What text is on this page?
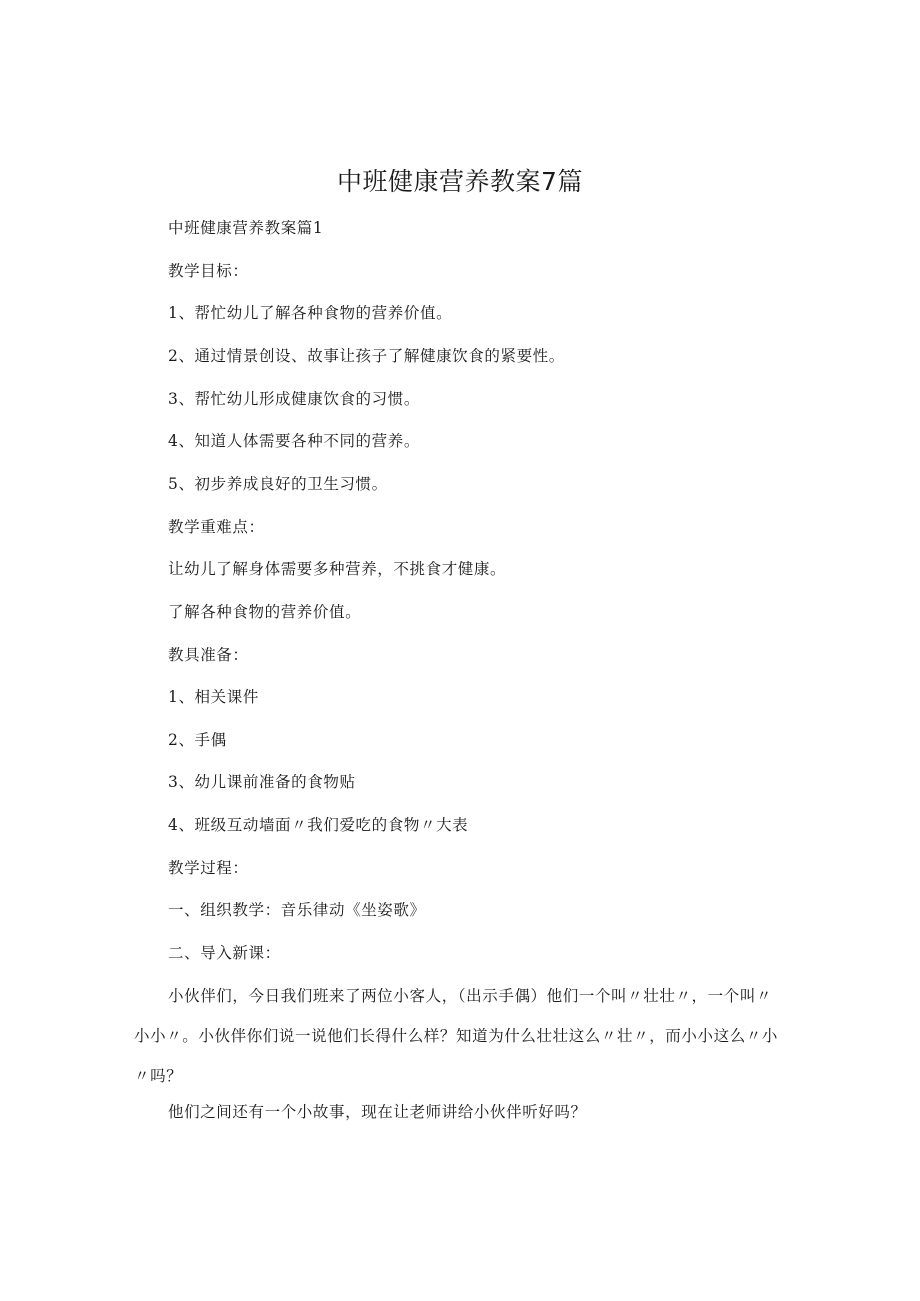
中班健康营养教案7篇
中班健康营养教案篇1
教学目标：
1、帮忙幼儿了解各种食物的营养价值。
2、通过情景创设、故事让孩子了解健康饮食的紧要性。
3、帮忙幼儿形成健康饮食的习惯。
4、知道人体需要各种不同的营养。
5、初步养成良好的卫生习惯。
教学重难点：
让幼儿了解身体需要多种营养，不挑食才健康。
了解各种食物的营养价值。
教具准备：
1、相关课件
2、手偶
3、幼儿课前准备的食物贴
4、班级互动墙面〃我们爱吃的食物〃大表
教学过程：
一、组织教学：音乐律动《坐姿歌》
二、导入新课：
小伙伴们，今日我们班来了两位小客人，（出示手偶）他们一个叫〃壮壮〃，一个叫〃小小〃。小伙伴你们说一说他们长得什么样？知道为什么壮壮这么〃壮〃，而小小这么〃小〃吗？
他们之间还有一个小故事，现在让老师讲给小伙伴听好吗？
